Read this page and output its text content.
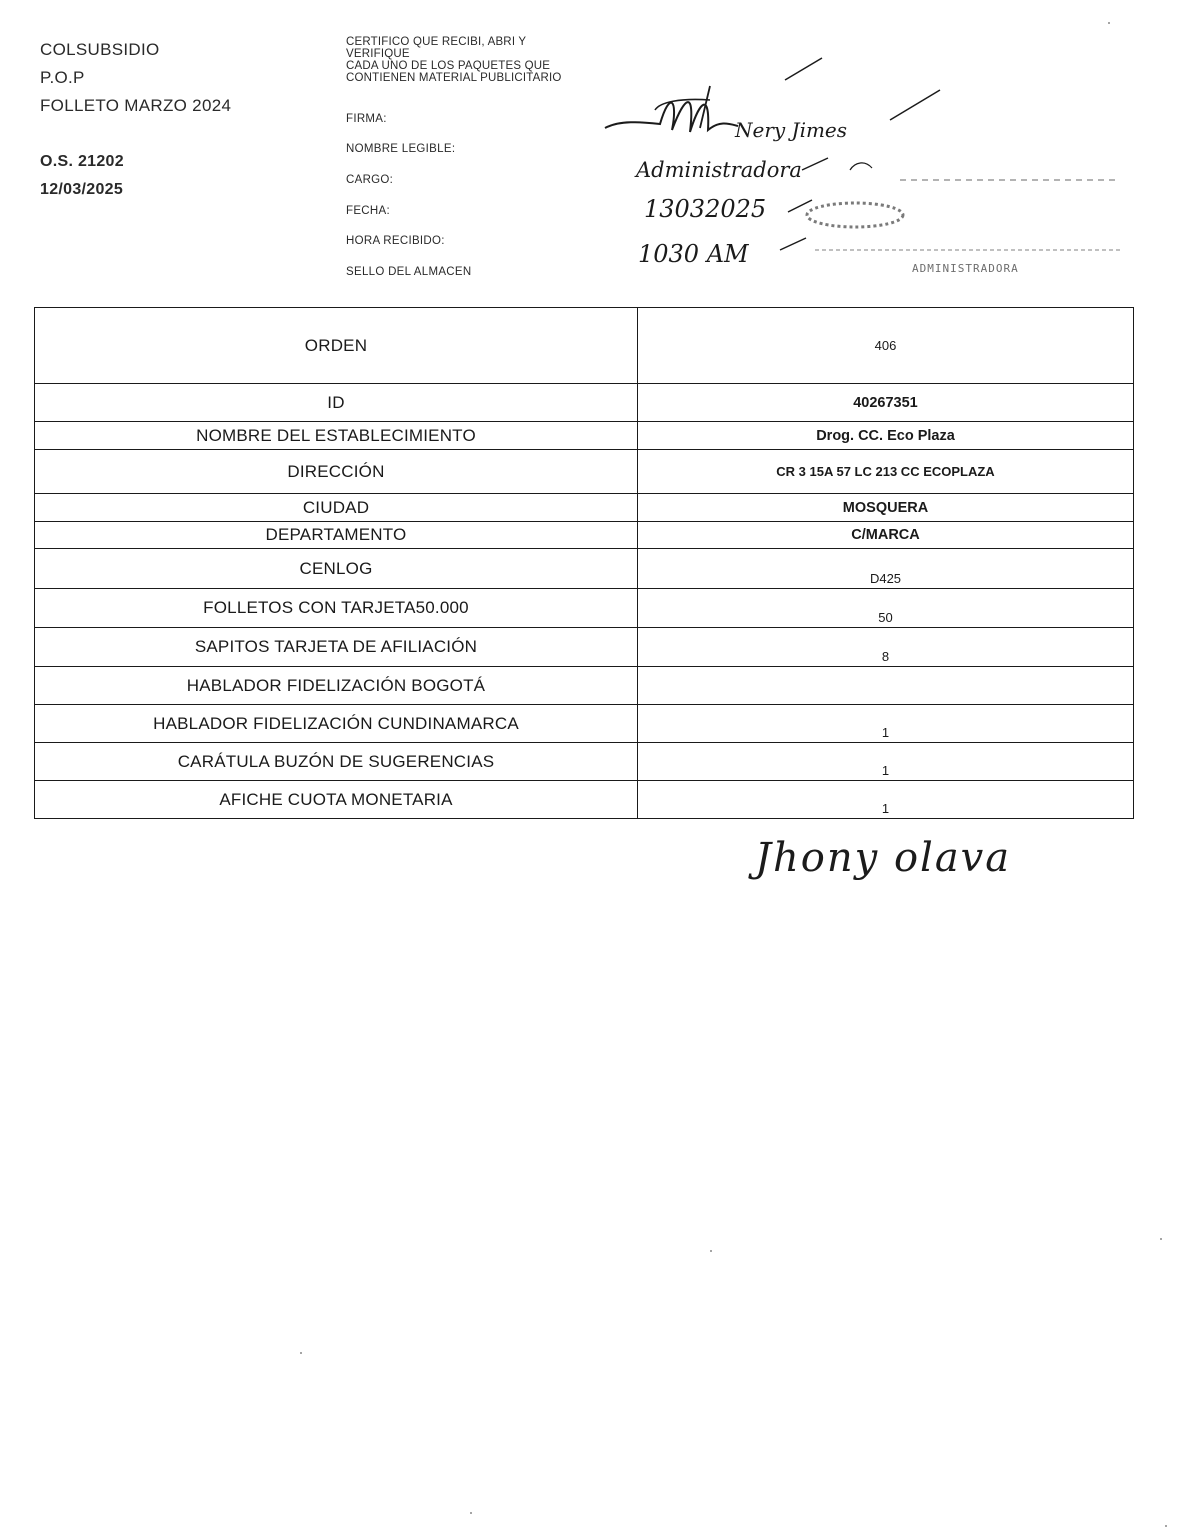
COLSUBSIDIO
P.O.P
FOLLETO MARZO 2024
O.S. 21202
12/03/2025
CERTIFICO QUE RECIBI, ABRI Y
VERIFIQUE
CADA UNO DE LOS PAQUETES QUE
CONTIENEN MATERIAL PUBLICITARIO
FIRMA:
NOMBRE LEGIBLE:
CARGO:
FECHA:
HORA RECIBIDO:
SELLO DEL ALMACEN
Nery Jimes
Administradora
13032025
1030 AM
ADMINISTRADORA
ORDEN	406
ID	40267351
NOMBRE DEL ESTABLECIMIENTO	Drog. CC. Eco Plaza
DIRECCIÓN	CR 3 15A 57 LC 213 CC ECOPLAZA
CIUDAD	MOSQUERA
DEPARTAMENTO	C/MARCA
CENLOG	D425
FOLLETOS CON TARJETA50.000	50
SAPITOS TARJETA DE AFILIACIÓN	8
HABLADOR FIDELIZACIÓN BOGOTÁ	
HABLADOR FIDELIZACIÓN CUNDINAMARCA	1
CARÁTULA BUZÓN DE SUGERENCIAS	1
AFICHE CUOTA MONETARIA	1
Jhony olava
